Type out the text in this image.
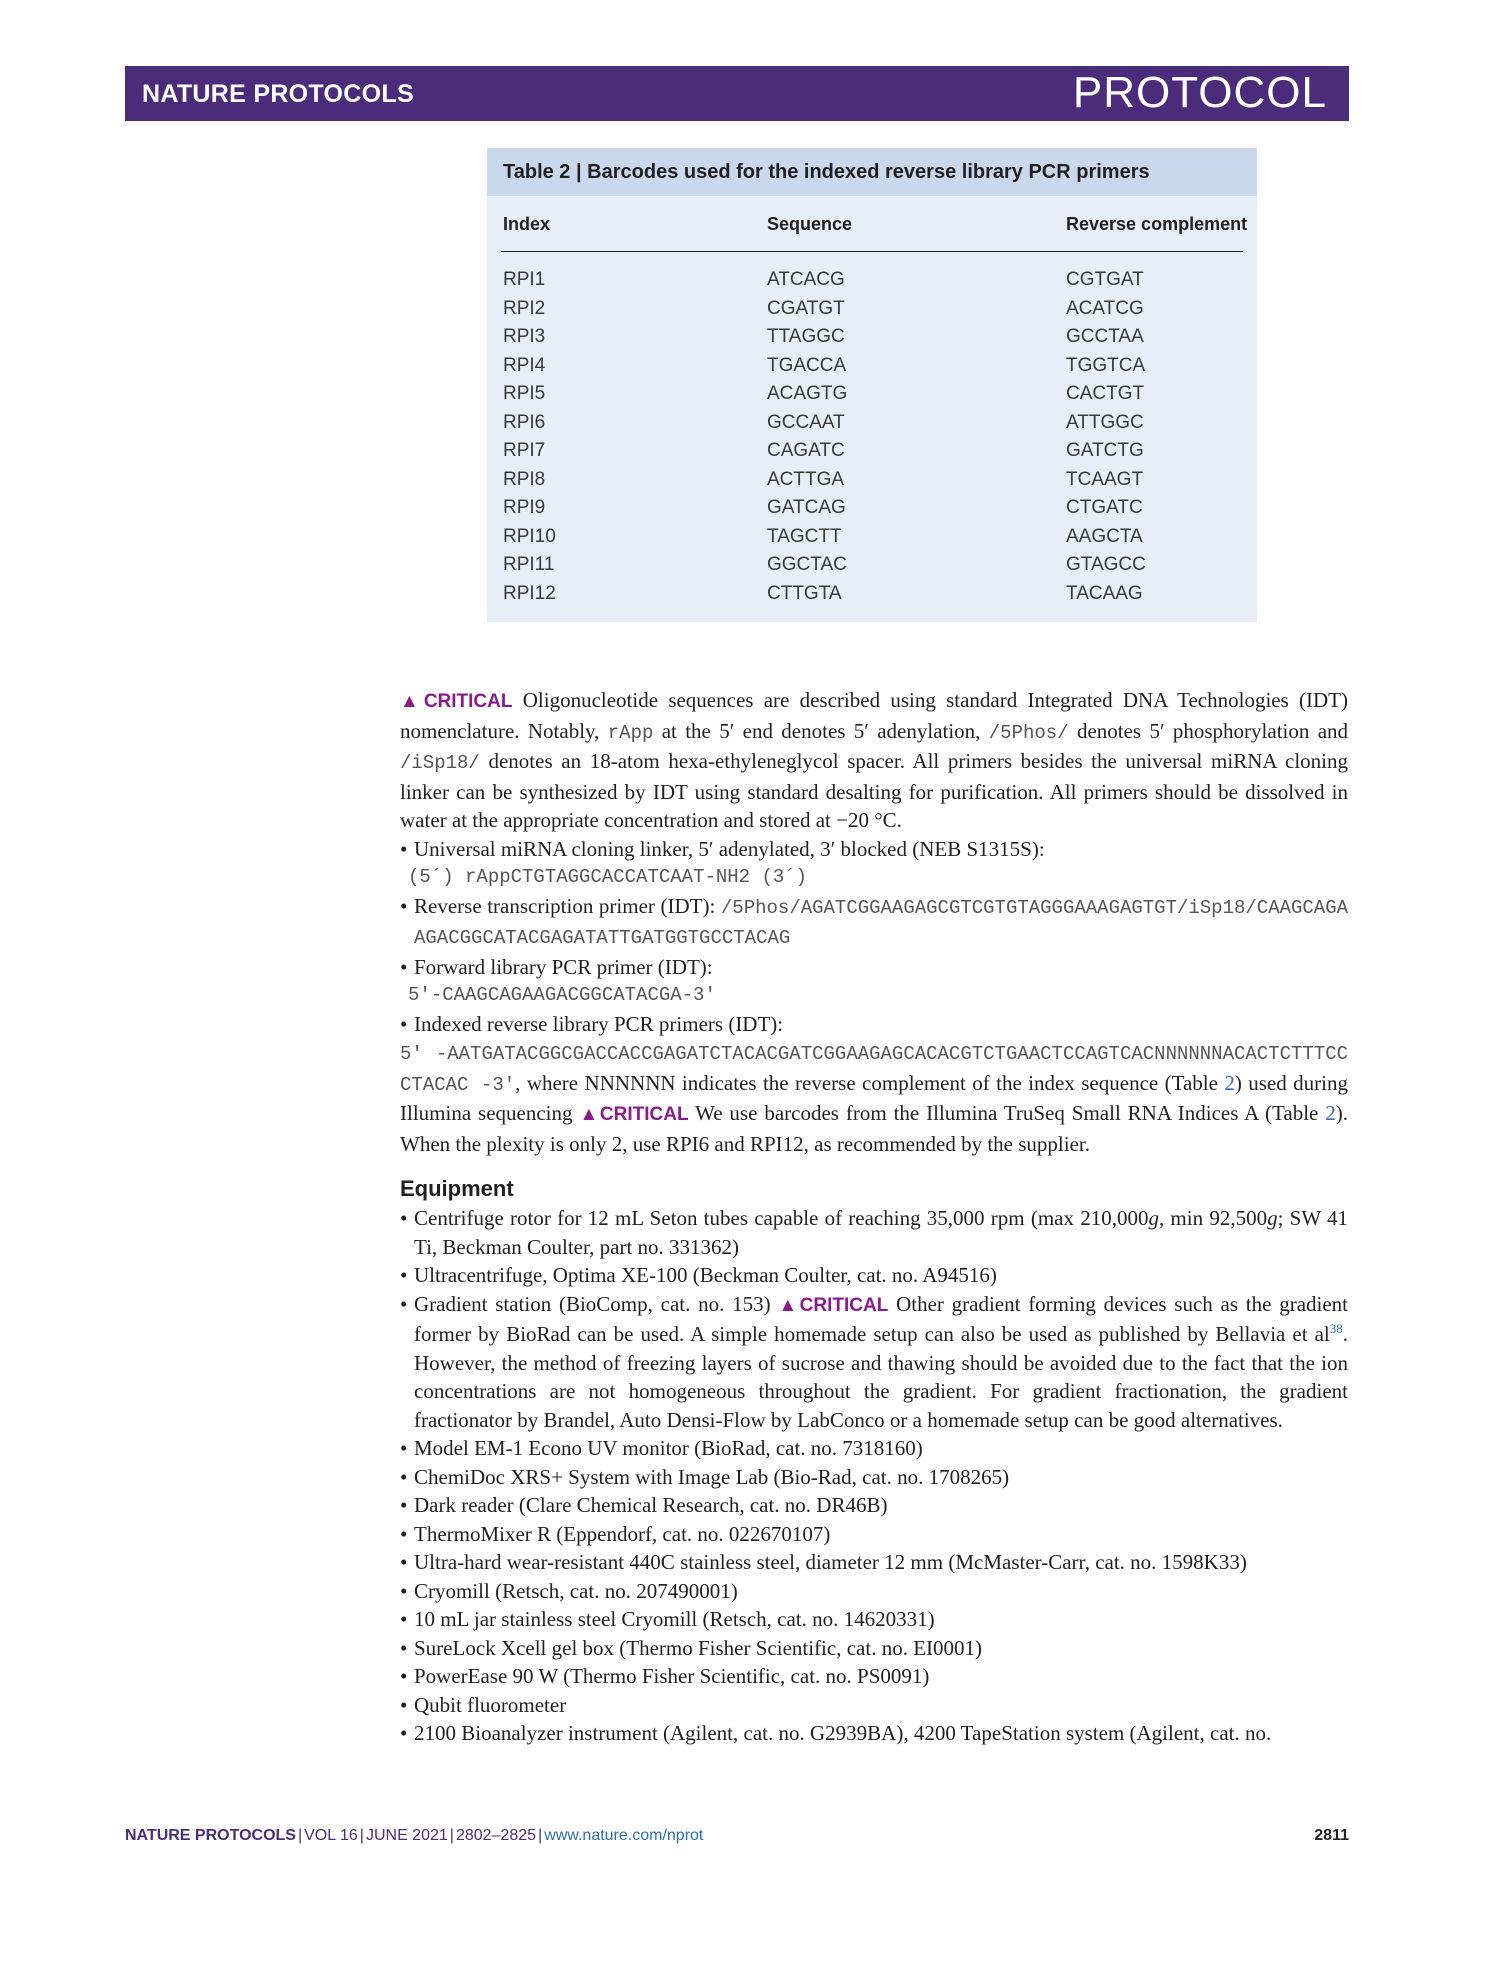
NATURE PROTOCOLS	PROTOCOL
Table 2 | Barcodes used for the indexed reverse library PCR primers
Index	Sequence	Reverse complement
RPI1	ATCACG	CGTGAT
RPI2	CGATGT	ACATCG
RPI3	TTAGGC	GCCTAA
RPI4	TGACCA	TGGTCA
RPI5	ACAGTG	CACTGT
RPI6	GCCAAT	ATTGGC
RPI7	CAGATC	GATCTG
RPI8	ACTTGA	TCAAGT
RPI9	GATCAG	CTGATC
RPI10	TAGCTT	AAGCTA
RPI11	GGCTAC	GTAGCC
RPI12	CTTGTA	TACAAG
▲CRITICAL Oligonucleotide sequences are described using standard Integrated DNA Technologies (IDT) nomenclature. Notably, rApp at the 5′ end denotes 5′ adenylation, /5Phos/ denotes 5′ phosphorylation and /iSp18/ denotes an 18-atom hexa-ethyleneglycol spacer. All primers besides the universal miRNA cloning linker can be synthesized by IDT using standard desalting for purification. All primers should be dissolved in water at the appropriate concentration and stored at −20 °C.
• Universal miRNA cloning linker, 5′ adenylated, 3′ blocked (NEB S1315S):
(5´) rAppCTGTAGGCACCATCAAT-NH2 (3´)
• Reverse transcription primer (IDT): /5Phos/AGATCGGAAGAGCGTCGTGTAGGGAAAGAGTGT/iSp18/CAAGCAGAAGACGGCATACGAGATATTGATGGTGCCTACAG
• Forward library PCR primer (IDT):
5'-CAAGCAGAAGACGGCATACGA-3'
• Indexed reverse library PCR primers (IDT):
5′ -AATGATACGGCGACCACCGAGATCTACACGATCGGAAGAGCACACGTCTGAACTCCAGTCACNNNNNNACACTCTTTCCCTACAC -3′, where NNNNNN indicates the reverse complement of the index sequence (Table 2) used during Illumina sequencing ▲CRITICAL We use barcodes from the Illumina TruSeq Small RNA Indices A (Table 2). When the plexity is only 2, use RPI6 and RPI12, as recommended by the supplier.
Equipment
• Centrifuge rotor for 12 mL Seton tubes capable of reaching 35,000 rpm (max 210,000g, min 92,500g; SW 41 Ti, Beckman Coulter, part no. 331362)
• Ultracentrifuge, Optima XE-100 (Beckman Coulter, cat. no. A94516)
• Gradient station (BioComp, cat. no. 153) ▲CRITICAL Other gradient forming devices such as the gradient former by BioRad can be used. A simple homemade setup can also be used as published by Bellavia et $al^{38}$. However, the method of freezing layers of sucrose and thawing should be avoided due to the fact that the ion concentrations are not homogeneous throughout the gradient. For gradient fractionation, the gradient fractionator by Brandel, Auto Densi-Flow by LabConco or a homemade setup can be good alternatives.
• Model EM-1 Econo UV monitor (BioRad, cat. no. 7318160)
• ChemiDoc XRS+ System with Image Lab (Bio-Rad, cat. no. 1708265)
• Dark reader (Clare Chemical Research, cat. no. DR46B)
• ThermoMixer R (Eppendorf, cat. no. 022670107)
• Ultra-hard wear-resistant 440C stainless steel, diameter 12 mm (McMaster-Carr, cat. no. 1598K33)
• Cryomill (Retsch, cat. no. 207490001)
• 10 mL jar stainless steel Cryomill (Retsch, cat. no. 14620331)
• SureLock Xcell gel box (Thermo Fisher Scientific, cat. no. EI0001)
• PowerEase 90 W (Thermo Fisher Scientific, cat. no. PS0091)
• Qubit fluorometer
• 2100 Bioanalyzer instrument (Agilent, cat. no. G2939BA), 4200 TapeStation system (Agilent, cat. no.
NATURE PROTOCOLS | VOL 16 | JUNE 2021 | 2802–2825 | www.nature.com/nprot	2811
